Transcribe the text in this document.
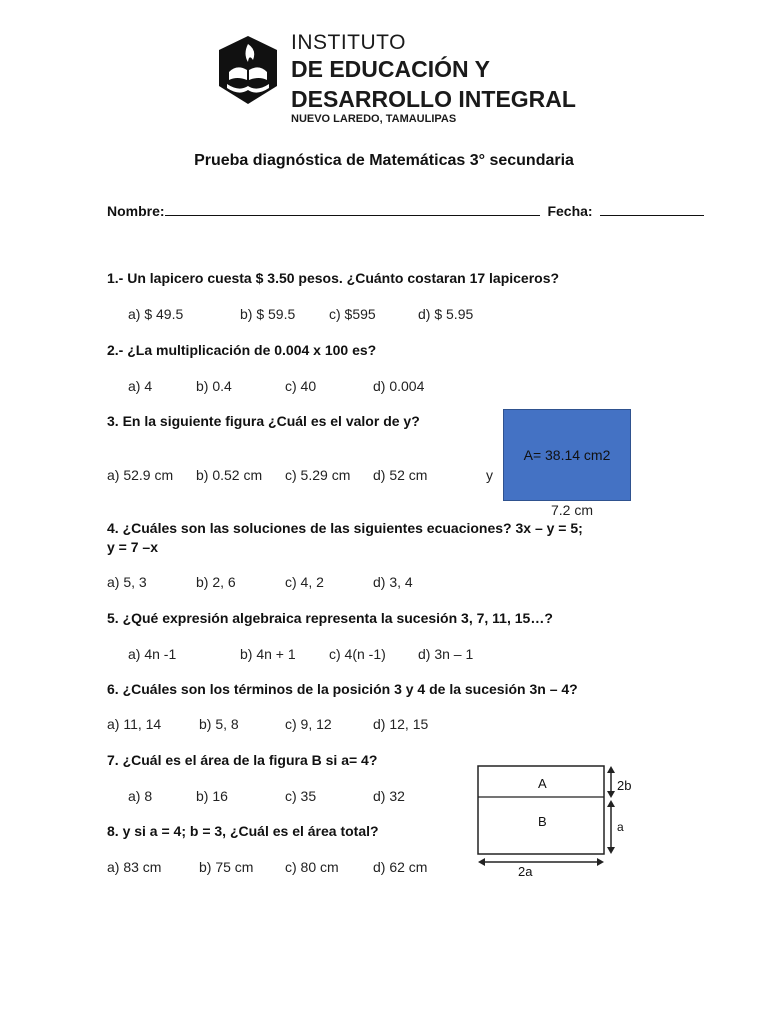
INSTITUTO
DE EDUCACIÓN Y
DESARROLLO INTEGRAL
NUEVO LAREDO, TAMAULIPAS
Prueba diagnóstica de Matemáticas 3° secundaria
Nombre:	Fecha:
1.- Un lapicero cuesta $ 3.50 pesos. ¿Cuánto costaran 17 lapiceros?
a) $ 49.5	b) $ 59.5 c) $595	d) $ 5.95
2.- ¿La multiplicación de 0.004 x 100 es?
a) 4	b) 0.4	c) 40	d) 0.004
3. En la siguiente figura ¿Cuál es el valor de y?
a) 52.9 cm b) 0.52 cm c) 5.29 cm d) 52 cm
A= 38.14 cm2
7.2 cm
y
4. ¿Cuáles son las soluciones de las siguientes ecuaciones? 3x – y = 5;
y = 7 –x
a) 5, 3	b) 2, 6	c) 4, 2	d) 3, 4
5. ¿Qué expresión algebraica representa la sucesión 3, 7, 11, 15…?
a) 4n -1	b) 4n + 1 c) 4(n -1) d) 3n – 1
6. ¿Cuáles son los términos de la posición 3 y 4 de la sucesión 3n – 4?
a) 11, 14	b) 5, 8	c) 9, 12	d) 12, 15
7. ¿Cuál es el área de la figura B si a= 4?
a) 8	b) 16	c) 35	d) 32
8. y si a = 4; b = 3, ¿Cuál es el área total?
a) 83 cm	b) 75 cm c) 80 cm d) 62 cm
A
B
2b
a
2a
